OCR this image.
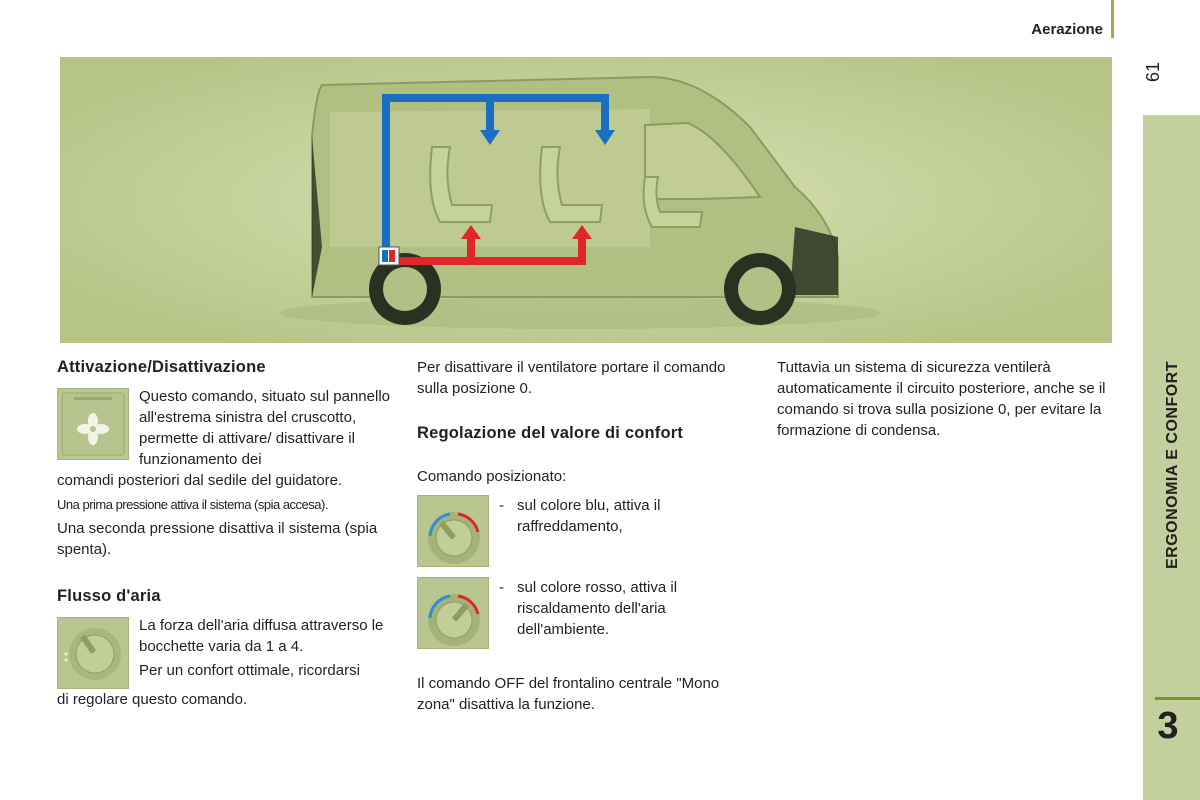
Aerazione
61
ERGONOMIA E CONFORT
3
Attivazione/Disattivazione

Questo comando, situato sul pannello all'estrema sinistra del cruscotto, permette di attivare/ disattivare il funzionamento dei

comandi posteriori dal sedile del guidatore.

Una prima pressione attiva il sistema (spia accesa).

Una seconda pressione disattiva il sistema (spia spenta).

Flusso d'aria

La forza dell'aria diffusa attraverso le bocchette varia da 1 a 4.

Per un confort ottimale, ricordarsi

di regolare questo comando.

Per disattivare il ventilatore portare il comando sulla posizione 0.

Regolazione del valore di confort

Comando posizionato:

- sul colore blu, attiva il raffreddamento,

- sul colore rosso, attiva il riscaldamento dell'aria dell'ambiente.

Il comando OFF del frontalino centrale "Mono zona" disattiva la funzione.

Tuttavia un sistema di sicurezza ventilerà automaticamente il circuito posteriore, anche se il comando si trova sulla posizione 0, per evitare la formazione di condensa.
